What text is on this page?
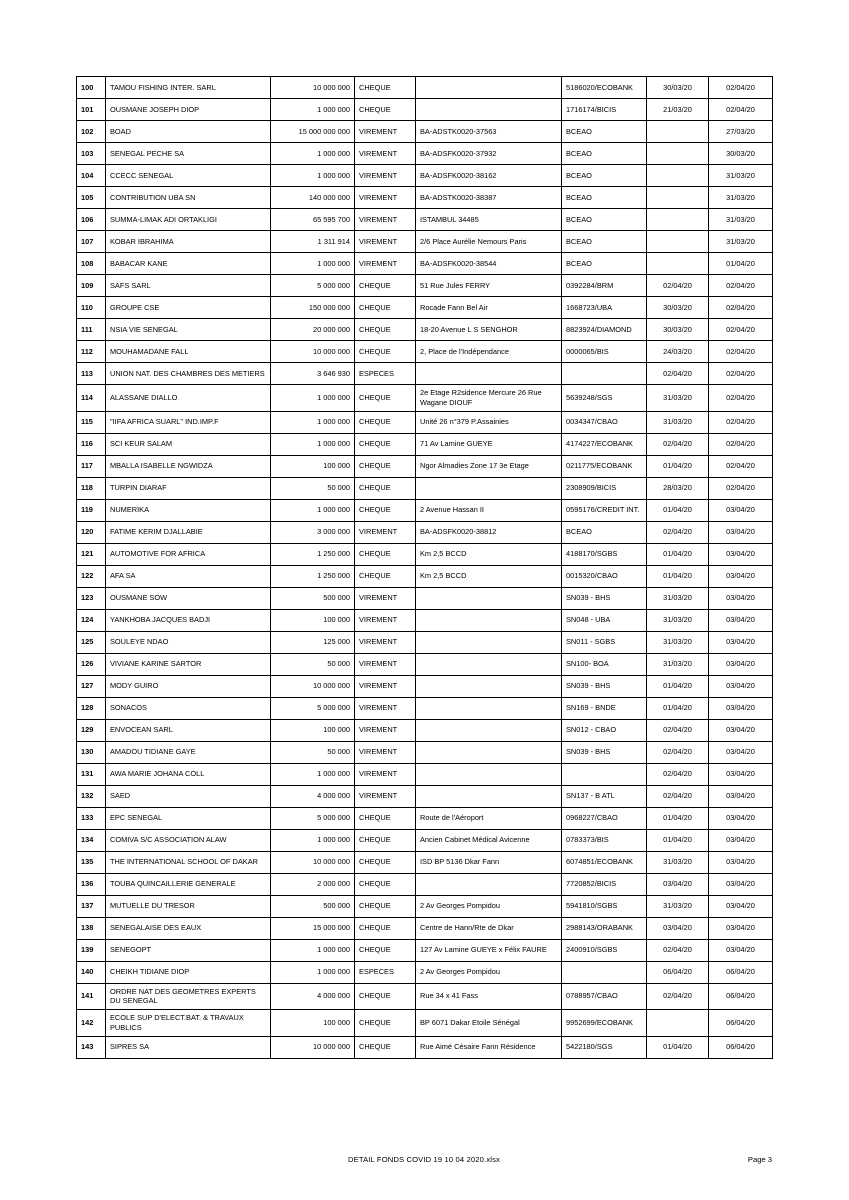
100	TAMOU FISHING INTER. SARL	10 000 000	CHEQUE		5186020/ECOBANK	30/03/20	02/04/20
101	OUSMANE JOSEPH DIOP	1 000 000	CHEQUE		1716174/BICIS	21/03/20	02/04/20
102	BOAD	15 000 000 000	VIREMENT	BA-ADSTK0020-37563	BCEAO		27/03/20
103	SENEGAL PECHE SA	1 000 000	VIREMENT	BA-ADSFK0020-37932	BCEAO		30/03/20
104	CCECC SENEGAL	1 000 000	VIREMENT	BA-ADSFK0020-38162	BCEAO		31/03/20
105	CONTRIBUTION UBA SN	140 000 000	VIREMENT	BA-ADSTK0020-38387	BCEAO		31/03/20
106	SUMMA-LIMAK ADI ORTAKLIGI	65 595 700	VIREMENT	ISTAMBUL 34485	BCEAO		31/03/20
107	KOBAR IBRAHIMA	1 311 914	VIREMENT	2/6 Place Aurélie Nemours Paris	BCEAO		31/03/20
108	BABACAR KANE	1 000 000	VIREMENT	BA-ADSFK0020-38544	BCEAO		01/04/20
109	SAFS SARL	5 000 000	CHEQUE	51 Rue Jules FERRY	0392284/BRM	02/04/20	02/04/20
110	GROUPE CSE	150 000 000	CHEQUE	Rocade Fann Bel Air	1668723/UBA	30/03/20	02/04/20
111	NSIA VIE SENEGAL	20 000 000	CHEQUE	18-20 Avenue L S SENGHOR	8823924/DIAMOND	30/03/20	02/04/20
112	MOUHAMADANE FALL	10 000 000	CHEQUE	2, Place de l'Indépendance	0000065/BIS	24/03/20	02/04/20
113	UNION NAT. DES CHAMBRES DES METIERS	3 646 930	ESPECES			02/04/20	02/04/20
114	ALASSANE DIALLO	1 000 000	CHEQUE	2e Etage R2sidence Mercure 26 Rue Wagane DIOUF	5639248/SGS	31/03/20	02/04/20
115	"IIFA AFRICA SUARL" IND.IMP.F	1 000 000	CHEQUE	Unité 26 n°379 P.Assainies	0034347/CBAO	31/03/20	02/04/20
116	SCI KEUR SALAM	1 000 000	CHEQUE	71 Av Lamine GUEYE	4174227/ECOBANK	02/04/20	02/04/20
117	MBALLA ISABELLE NGWIDZA	100 000	CHEQUE	Ngor Almadies Zone 17 3e Etage	0211775/ECOBANK	01/04/20	02/04/20
118	TURPIN DIARAF	50 000	CHEQUE		2308909/BICIS	28/03/20	02/04/20
119	NUMERIKA	1 000 000	CHEQUE	2 Avenue Hassan II	0595176/CREDIT INT.	01/04/20	03/04/20
120	FATIME KERIM DJALLABIE	3 000 000	VIREMENT	BA-ADSFK0020-38812	BCEAO	02/04/20	03/04/20
121	AUTOMOTIVE FOR AFRICA	1 250 000	CHEQUE	Km 2,5 BCCD	4188170/SGBS	01/04/20	03/04/20
122	AFA SA	1 250 000	CHEQUE	Km 2,5 BCCD	0015320/CBAO	01/04/20	03/04/20
123	OUSMANE SOW	500 000	VIREMENT		SN039 - BHS	31/03/20	03/04/20
124	YANKHOBA JACQUES BADJI	100 000	VIREMENT		SN048 - UBA	31/03/20	03/04/20
125	SOULEYE NDAO	125 000	VIREMENT		SN011 - SGBS	31/03/20	03/04/20
126	VIVIANE KARINE SARTOR	50 000	VIREMENT		SN100- BOA	31/03/20	03/04/20
127	MODY GUIRO	10 000 000	VIREMENT		SN039 - BHS	01/04/20	03/04/20
128	SONACOS	5 000 000	VIREMENT		SN169 - BNDE	01/04/20	03/04/20
129	ENVOCEAN SARL	100 000	VIREMENT		SN012 - CBAO	02/04/20	03/04/20
130	AMADOU TIDIANE GAYE	50 000	VIREMENT		SN039 - BHS	02/04/20	03/04/20
131	AWA MARIE JOHANA COLL	1 000 000	VIREMENT			02/04/20	03/04/20
132	SAED	4 000 000	VIREMENT		SN137 - B ATL	02/04/20	03/04/20
133	EPC SENEGAL	5 000 000	CHEQUE	Route de l'Aéroport	0968227/CBAO	01/04/20	03/04/20
134	COMIVA S/C ASSOCIATION ALAW	1 000 000	CHEQUE	Ancien Cabinet Médical Avicenne	0783373/BIS	01/04/20	03/04/20
135	THE INTERNATIONAL SCHOOL OF DAKAR	10 000 000	CHEQUE	ISD BP 5136 Dkar Fann	6074851/ECOBANK	31/03/20	03/04/20
136	TOUBA QUINCAILLERIE GENERALE	2 000 000	CHEQUE		7720852/BICIS	03/04/20	03/04/20
137	MUTUELLE DU TRESOR	500 000	CHEQUE	2 Av Georges Pompidou	5941810/SGBS	31/03/20	03/04/20
138	SENEGALAISE DES EAUX	15 000 000	CHEQUE	Centre de Hann/Rte de Dkar	2988143/ORABANK	03/04/20	03/04/20
139	SENEGOPT	1 000 000	CHEQUE	127 Av Lamine GUEYE x Félix FAURE	2400910/SGBS	02/04/20	03/04/20
140	CHEIKH TIDIANE DIOP	1 000 000	ESPECES	2 Av Georges Pompidou		06/04/20	06/04/20
141	ORDRE NAT DES GEOMETRES EXPERTS DU SENEGAL	4 000 000	CHEQUE	Rue 34 x 41 Fass	0788957/CBAO	02/04/20	06/04/20
142	ECOLE SUP D'ELECT.BAT. & TRAVAUX PUBLICS	100 000	CHEQUE	BP 6071 Dakar Etoile Sénégal	9952699/ECOBANK		06/04/20
143	SIPRES SA	10 000 000	CHEQUE	Rue Aimé Césaire Fann Résidence	5422180/SGS	01/04/20	06/04/20
DETAIL FONDS COVID 19 10 04 2020.xlsx	Page 3
